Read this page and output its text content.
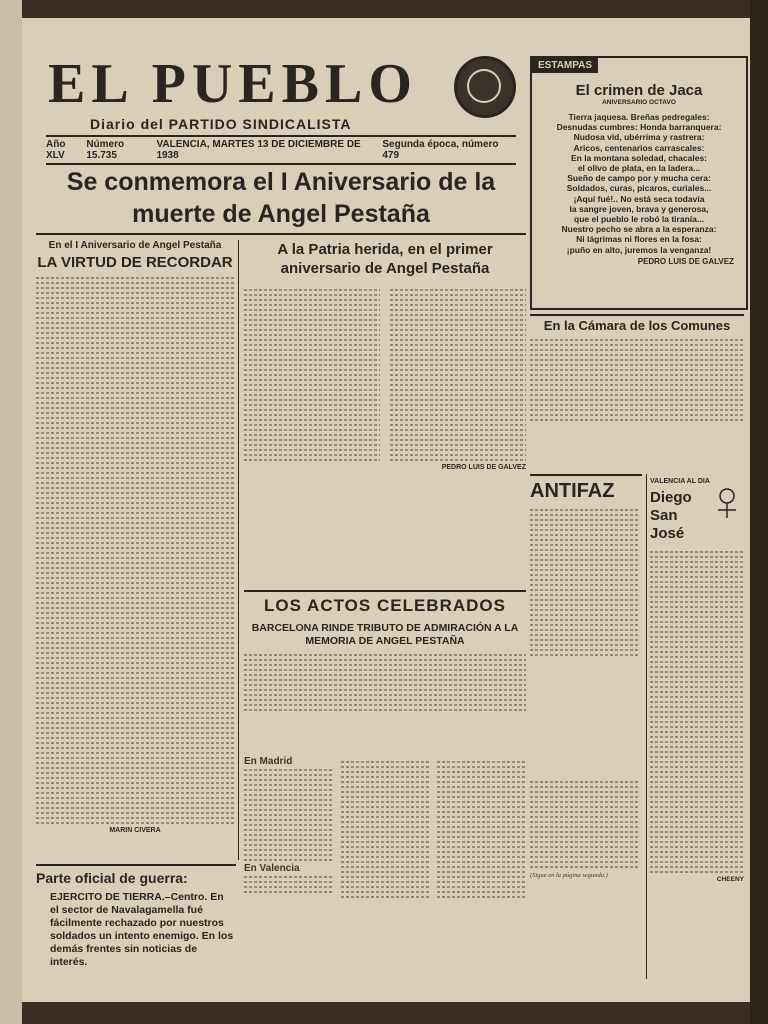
EL PUEBLO
Diario del PARTIDO SINDICALISTA
Año XLV
Número 15.735
VALENCIA, MARTES 13 DE DICIEMBRE DE 1938
Segunda época, número 479
Se conmemora el I Aniversario de la muerte de Angel Pestaña
En el I Aniversario de Angel Pestaña
LA VIRTUD DE RECORDAR
MARIN CIVERA
A la Patria herida, en el primer aniversario de Angel Pestaña
PEDRO LUIS DE GALVEZ
LOS ACTOS CELEBRADOS
BARCELONA RINDE TRIBUTO DE ADMIRACIÓN A LA MEMORIA DE ANGEL PESTAÑA
En Madrid
En Valencia
Parte oficial de guerra:
EJERCITO DE TIERRA.–Centro. En el sector de Navalagamella fué fácilmente rechazado por nuestros soldados un intento enemigo. En los demás frentes sin noticias de interés.
ESTAMPAS
El crimen de Jaca
ANIVERSARIO OCTAVO
Tierra jaquesa. Breñas pedregales:
Desnudas cumbres: Honda barranquera:
Nudosa vid, ubérrima y rastrera:
Aricos, centenarios carrascales:
En la montana soledad, chacales:
el olivo de plata, en la ladera...
Sueño de campo por y mucha cera:
Soldados, curas, picaros, curiales...
¡Aquí fué!.. No está seca todavía
la sangre joven, brava y generosa,
que el pueblo le robó la tiranía...
Nuestro pecho se abra a la esperanza:
Ni lágrimas ni flores en la fosa:
¡puño en alto, juremos la venganza!
PEDRO LUIS DE GALVEZ
En la Cámara de los Comunes
ANTIFAZ
(Sigue en la página segunda.)
VALENCIA AL DIA
Diego San José
CHEENY
